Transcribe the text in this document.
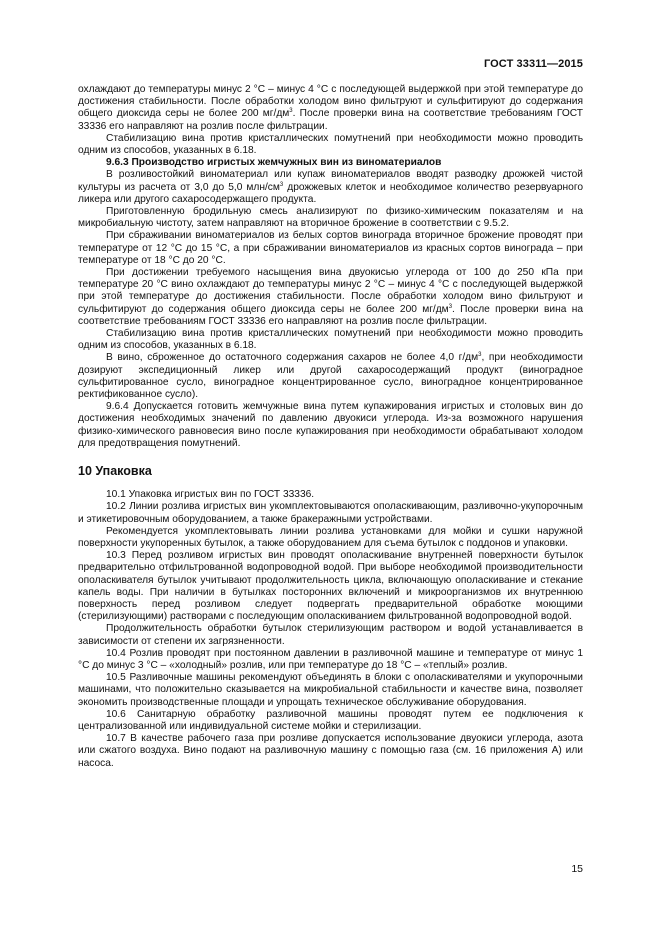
ГОСТ 33311—2015

охлаждают до температуры минус 2 °С – минус 4 °С с последующей выдержкой при этой температуре до достижения стабильности. После обработки холодом вино фильтруют и сульфитируют до содержания общего диоксида серы не более 200 $мг/дм^3$. После проверки вина на соответствие требованиям ГОСТ 33336 его направляют на розлив после фильтрации.

Стабилизацию вина против кристаллических помутнений при необходимости можно проводить одним из способов, указанных в 6.18.

9.6.3 Производство игристых жемчужных вин из виноматериалов

В розливостойкий виноматериал или купаж виноматериалов вводят разводку дрожжей чистой культуры из расчета от 3,0 до 5,0 млн/$см^3$ дрожжевых клеток и необходимое количество резервуарного ликера или другого сахаросодержащего продукта.

Приготовленную бродильную смесь анализируют по физико-химическим показателям и на микробиальную чистоту, затем направляют на вторичное брожение в соответствии с 9.5.2.

При сбраживании виноматериалов из белых сортов винограда вторичное брожение проводят при температуре от 12 °С до 15 °С, а при сбраживании виноматериалов из красных сортов винограда – при температуре от 18 °С до 20 °С.

При достижении требуемого насыщения вина двуокисью углерода от 100 до 250 кПа при температуре 20 °С вино охлаждают до температуры минус 2 °С – минус 4 °С с последующей выдержкой при этой температуре до достижения стабильности. После обработки холодом вино фильтруют и сульфитируют до содержания общего диоксида серы не более 200 $мг/дм^3$. После проверки вина на соответствие требованиям ГОСТ 33336 его направляют на розлив после фильтрации.

Стабилизацию вина против кристаллических помутнений при необходимости можно проводить одним из способов, указанных в 6.18.

В вино, сброженное до остаточного содержания сахаров не более 4,0 $г/дм^3$, при необходимости дозируют экспедиционный ликер или другой сахаросодержащий продукт (виноградное сульфитированное сусло, виноградное концентрированное сусло, виноградное концентрированное ректификованное сусло).

9.6.4 Допускается готовить жемчужные вина путем купажирования игристых и столовых вин до достижения необходимых значений по давлению двуокиси углерода. Из-за возможного нарушения физико-химического равновесия вино после купажирования при необходимости обрабатывают холодом для предотвращения помутнений.

10 Упаковка

10.1 Упаковка игристых вин по ГОСТ 33336.

10.2 Линии розлива игристых вин укомплектовываются ополаскивающим, разливочно-укупорочным и этикетировочным оборудованием, а также бракеражными устройствами.

Рекомендуется укомплектовывать линии розлива установками для мойки и сушки наружной поверхности укупоренных бутылок, а также оборудованием для съема бутылок с поддонов и упаковки.

10.3 Перед розливом игристых вин проводят ополаскивание внутренней поверхности бутылок предварительно отфильтрованной водопроводной водой. При выборе необходимой производительности ополаскивателя бутылок учитывают продолжительность цикла, включающую ополаскивание и стекание капель воды. При наличии в бутылках посторонних включений и микроорганизмов их внутреннюю поверхность перед розливом следует подвергать предварительной обработке моющими (стерилизующими) растворами с последующим ополаскиванием фильтрованной водопроводной водой.

Продолжительность обработки бутылок стерилизующим раствором и водой устанавливается в зависимости от степени их загрязненности.

10.4 Розлив проводят при постоянном давлении в разливочной машине и температуре от минус 1 °С до минус 3 °С – «холодный» розлив, или при температуре до 18 °С – «теплый» розлив.

10.5 Разливочные машины рекомендуют объединять в блоки с ополаскивателями и укупорочными машинами, что положительно сказывается на микробиальной стабильности и качестве вина, позволяет экономить производственные площади и упрощать техническое обслуживание оборудования.

10.6 Санитарную обработку разливочной машины проводят путем ее подключения к централизованной или индивидуальной системе мойки и стерилизации.

10.7 В качестве рабочего газа при розливе допускается использование двуокиси углерода, азота или сжатого воздуха. Вино подают на разливочную машину с помощью газа (см. 16 приложения А) или насоса.

15
